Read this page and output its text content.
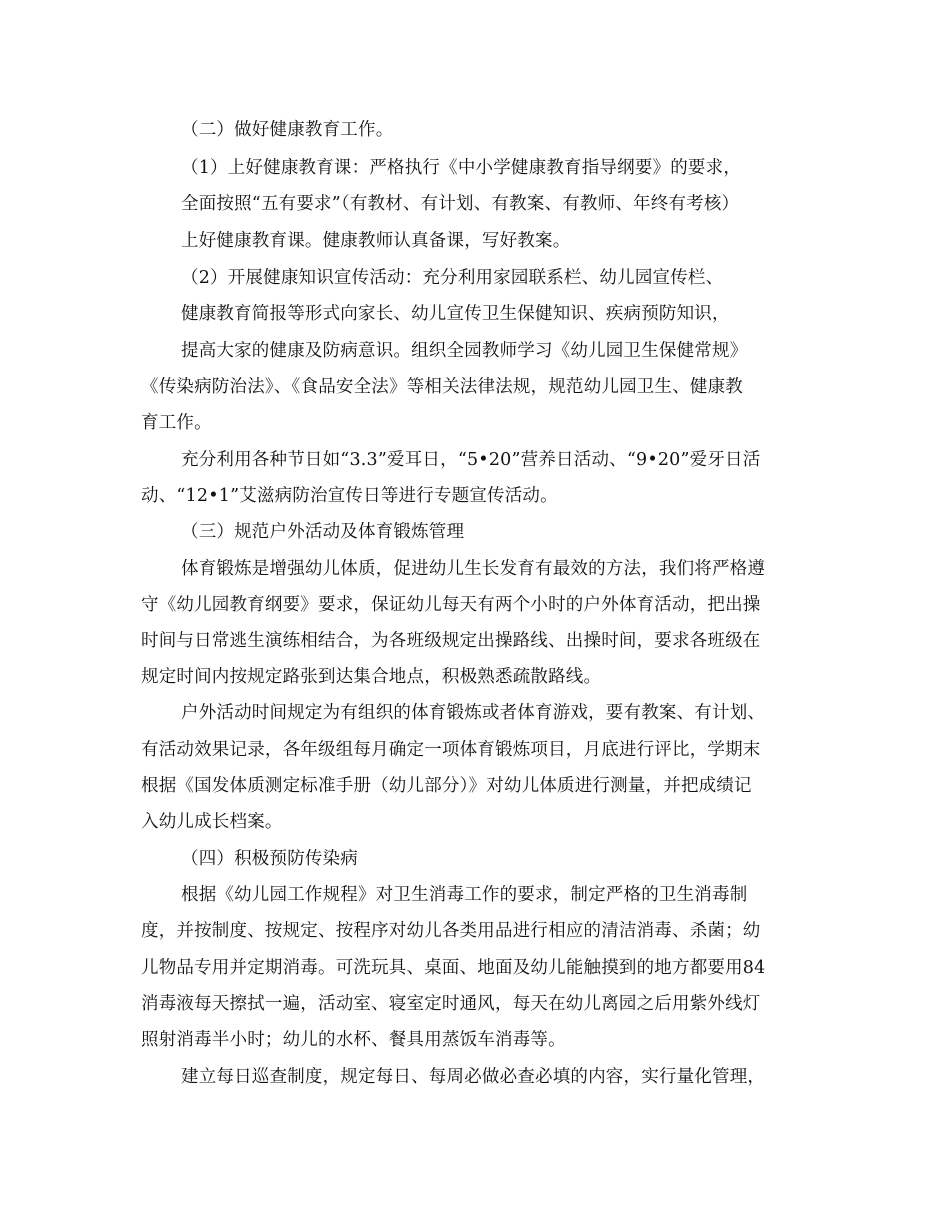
（二）做好健康教育工作。
（1）上好健康教育课：严格执行《中小学健康教育指导纲要》的要求，
全面按照“五有要求”（有教材、有计划、有教案、有教师、年终有考核）
上好健康教育课。健康教师认真备课，写好教案。
（2）开展健康知识宣传活动：充分利用家园联系栏、幼儿园宣传栏、
健康教育简报等形式向家长、幼儿宣传卫生保健知识、疾病预防知识，
提高大家的健康及防病意识。组织全园教师学习《幼儿园卫生保健常规》
《传染病防治法》、《食品安全法》等相关法律法规，规范幼儿园卫生、健康教
育工作。
充分利用各种节日如“3.3”爱耳日，“5•20”营养日活动、“9•20”爱牙日活
动、“12•1”艾滋病防治宣传日等进行专题宣传活动。
（三）规范户外活动及体育锻炼管理
体育锻炼是增强幼儿体质，促进幼儿生长发育有最效的方法，我们将严格遵
守《幼儿园教育纲要》要求，保证幼儿每天有两个小时的户外体育活动，把出操
时间与日常逃生演练相结合，为各班级规定出操路线、出操时间，要求各班级在
规定时间内按规定路张到达集合地点，积极熟悉疏散路线。
户外活动时间规定为有组织的体育锻炼或者体育游戏，要有教案、有计划、
有活动效果记录，各年级组每月确定一项体育锻炼项目，月底进行评比，学期末
根据《国发体质测定标准手册（幼儿部分）》对幼儿体质进行测量，并把成绩记
入幼儿成长档案。
（四）积极预防传染病
根据《幼儿园工作规程》对卫生消毒工作的要求，制定严格的卫生消毒制
度，并按制度、按规定、按程序对幼儿各类用品进行相应的清洁消毒、杀菌；幼
儿物品专用并定期消毒。可洗玩具、桌面、地面及幼儿能触摸到的地方都要用84
消毒液每天擦拭一遍，活动室、寝室定时通风，每天在幼儿离园之后用紫外线灯
照射消毒半小时；幼儿的水杯、餐具用蒸饭车消毒等。
建立每日巡查制度，规定每日、每周必做必查必填的内容，实行量化管理，
